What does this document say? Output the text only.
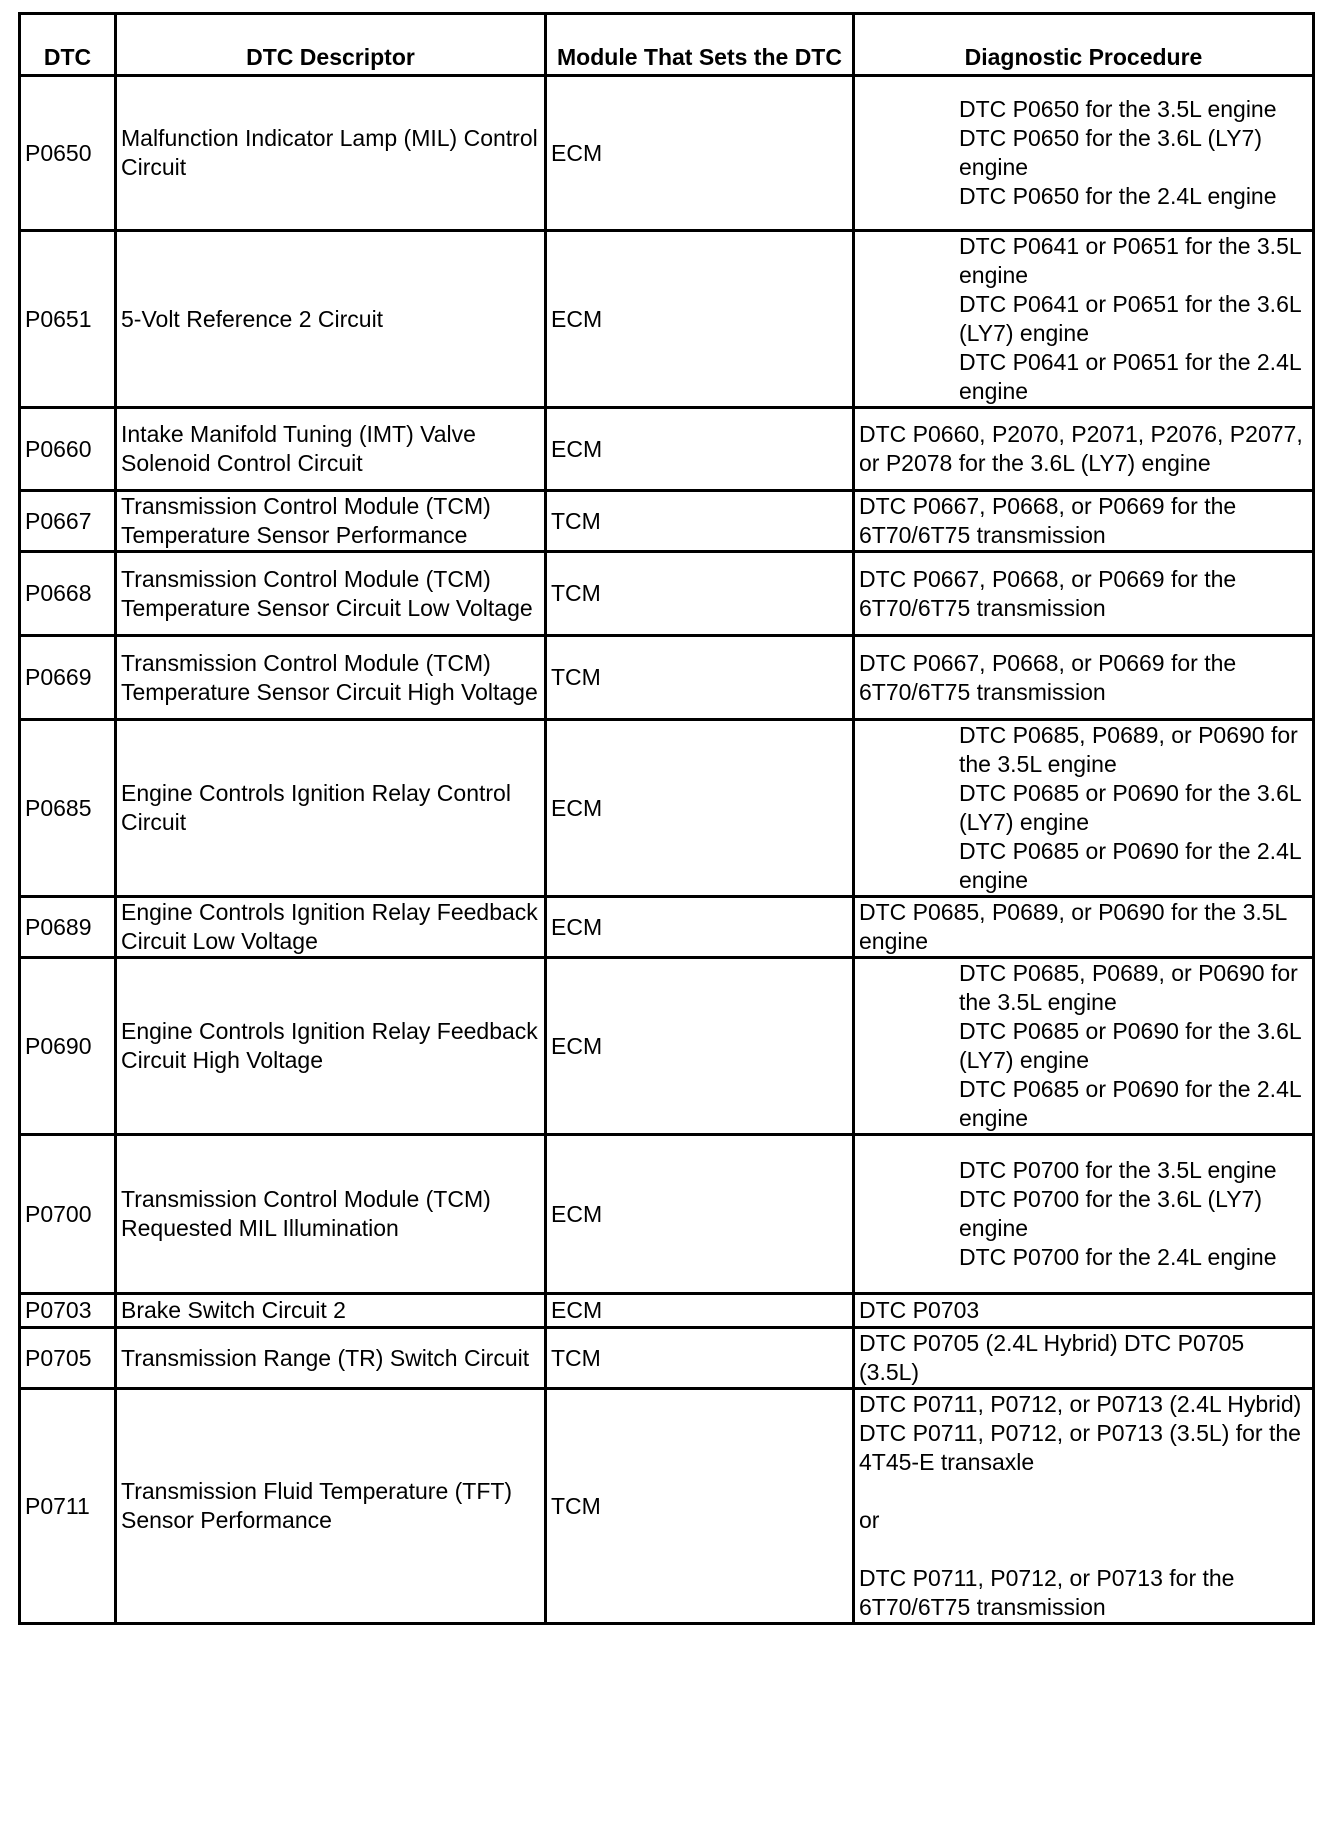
DTC	DTC Descriptor	Module That Sets the DTC	Diagnostic Procedure
P0650	Malfunction Indicator Lamp (MIL) Control Circuit	ECM	DTC P0650 for the 3.5L engine
DTC P0650 for the 3.6L (LY7) engine
DTC P0650 for the 2.4L engine

P0651	5-Volt Reference 2 Circuit	ECM	DTC P0641 or P0651 for the 3.5L engine
DTC P0641 or P0651 for the 3.6L (LY7) engine
DTC P0641 or P0651 for the 2.4L engine

P0660	Intake Manifold Tuning (IMT) Valve Solenoid Control Circuit	ECM	DTC P0660, P2070, P2071, P2076, P2077, or P2078 for the 3.6L (LY7) engine

P0667	Transmission Control Module (TCM) Temperature Sensor Performance	TCM	DTC P0667, P0668, or P0669 for the 6T70/6T75 transmission

P0668	Transmission Control Module (TCM) Temperature Sensor Circuit Low Voltage	TCM	DTC P0667, P0668, or P0669 for the 6T70/6T75 transmission

P0669	Transmission Control Module (TCM) Temperature Sensor Circuit High Voltage	TCM	DTC P0667, P0668, or P0669 for the 6T70/6T75 transmission

P0685	Engine Controls Ignition Relay Control Circuit	ECM	DTC P0685, P0689, or P0690 for the 3.5L engine
DTC P0685 or P0690 for the 3.6L (LY7) engine
DTC P0685 or P0690 for the 2.4L engine

P0689	Engine Controls Ignition Relay Feedback Circuit Low Voltage	ECM	DTC P0685, P0689, or P0690 for the 3.5L engine

P0690	Engine Controls Ignition Relay Feedback Circuit High Voltage	ECM	DTC P0685, P0689, or P0690 for the 3.5L engine
DTC P0685 or P0690 for the 3.6L (LY7) engine
DTC P0685 or P0690 for the 2.4L engine

P0700	Transmission Control Module (TCM) Requested MIL Illumination	ECM	DTC P0700 for the 3.5L engine
DTC P0700 for the 3.6L (LY7) engine
DTC P0700 for the 2.4L engine

P0703	Brake Switch Circuit 2	ECM	DTC P0703

P0705	Transmission Range (TR) Switch Circuit	TCM	DTC P0705 (2.4L Hybrid) DTC P0705 (3.5L)

P0711	Transmission Fluid Temperature (TFT) Sensor Performance	TCM	DTC P0711, P0712, or P0713 (2.4L Hybrid) DTC P0711, P0712, or P0713 (3.5L) for the 4T45-E transaxle
or
DTC P0711, P0712, or P0713 for the 6T70/6T75 transmission
